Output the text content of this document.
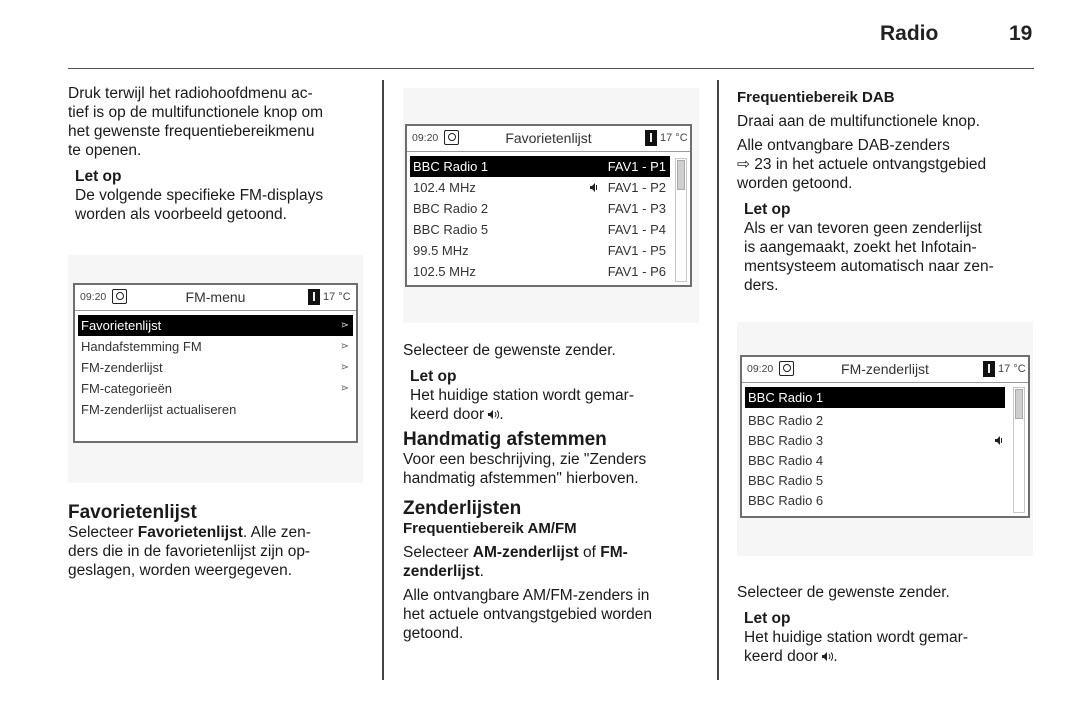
Radio	19

Druk terwijl het radiohoofdmenu ac-

tief is op de multifunctionele knop om

het gewenste frequentiebereikmenu

te openen.

Let op

De volgende specifieke FM-displays

worden als voorbeeld getoond.

09:20	FM-menu	17 °C
Favorietenlijst	⋗
Handafstemming FM	⋗
FM-zenderlijst	⋗
FM-categorieën	⋗
FM-zenderlijst actualiseren

Favorietenlijst

Selecteer Favorietenlijst. Alle zen-

ders die in de favorietenlijst zijn op-

geslagen, worden weergegeven.

09:20	Favorietenlijst	17 °C
BBC Radio 1	FAV1 - P1
102.4 MHz	FAV1 - P2
BBC Radio 2	FAV1 - P3
BBC Radio 5	FAV1 - P4
99.5 MHz	FAV1 - P5
102.5 MHz	FAV1 - P6

Selecteer de gewenste zender.

Let op

Het huidige station wordt gemar-

keerd door .

Handmatig afstemmen

Voor een beschrijving, zie "Zenders

handmatig afstemmen" hierboven.

Zenderlijsten

Frequentiebereik AM/FM

Selecteer AM-zenderlijst of FM-

zenderlijst.

Alle ontvangbare AM/FM-zenders in

het actuele ontvangstgebied worden

getoond.

Frequentiebereik DAB

Draai aan de multifunctionele knop.

Alle ontvangbare DAB-zenders

⇨ 23 in het actuele ontvangstgebied

worden getoond.

Let op

Als er van tevoren geen zenderlijst

is aangemaakt, zoekt het Infotain-

mentsysteem automatisch naar zen-

ders.

09:20	FM-zenderlijst	17 °C
BBC Radio 1
BBC Radio 2
BBC Radio 3
BBC Radio 4
BBC Radio 5
BBC Radio 6

Selecteer de gewenste zender.

Let op

Het huidige station wordt gemar-

keerd door .
